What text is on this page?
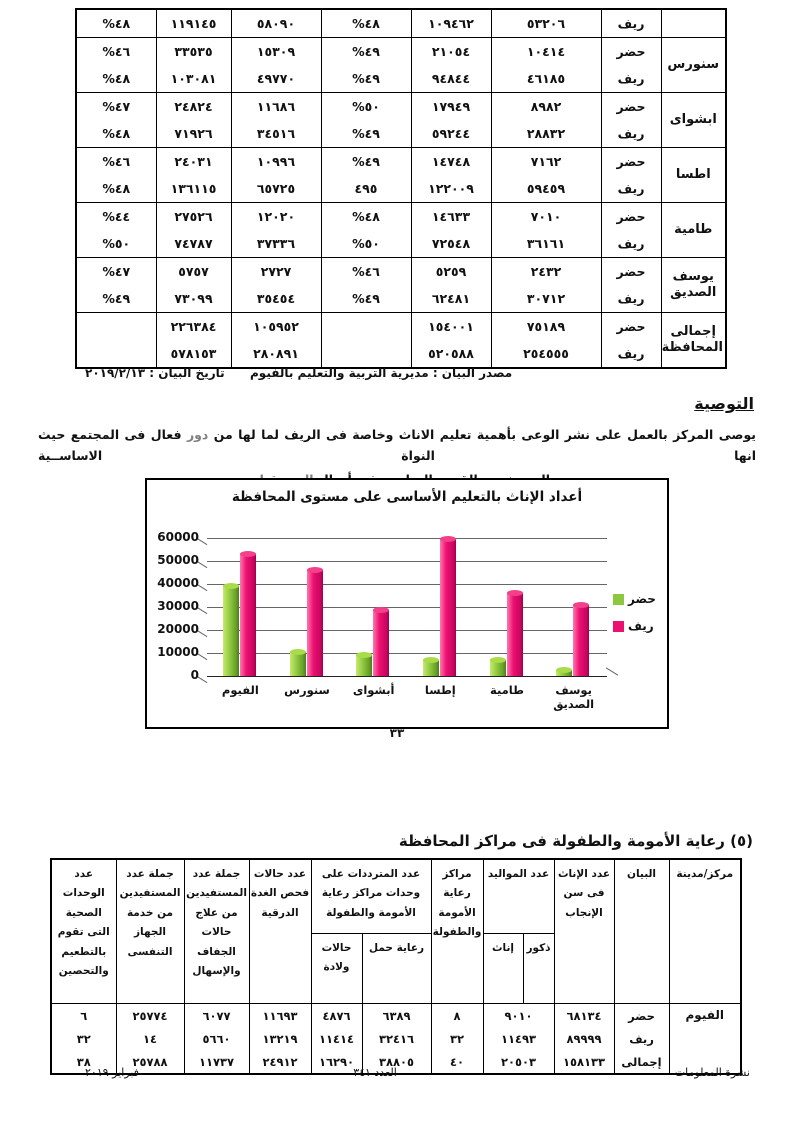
	ريف	٥٣٢٠٦	١٠٩٤٦٢	٤٨%	٥٨٠٩٠	١١٩١٤٥	٤٨%
سنورس	حضر	١٠٤١٤	٢١٠٥٤	٤٩%	١٥٣٠٩	٣٣٥٣٥	٤٦%
	ريف	٤٦١٨٥	٩٤٨٤٤	٤٩%	٤٩٧٧٠	١٠٣٠٨١	٤٨%
ابشواى	حضر	٨٩٨٢	١٧٩٤٩	٥٠%	١١٦٨٦	٢٤٨٢٤	٤٧%
	ريف	٢٨٨٣٢	٥٩٢٤٤	٤٩%	٣٤٥١٦	٧١٩٢٦	٤٨%
اطسا	حضر	٧١٦٢	١٤٧٤٨	٤٩%	١٠٩٩٦	٢٤٠٣١	٤٦%
	ريف	٥٩٤٥٩	١٢٢٠٠٩	٤٩٥	٦٥٧٢٥	١٣٦١١٥	٤٨%
طامية	حضر	٧٠١٠	١٤٦٣٣	٤٨%	١٢٠٢٠	٢٧٥٢٦	٤٤%
	ريف	٣٦١٦١	٧٢٥٤٨	٥٠%	٣٧٣٣٦	٧٤٧٨٧	٥٠%
يوسف الصديق	حضر	٢٤٣٢	٥٢٥٩	٤٦%	٢٧٢٧	٥٧٥٧	٤٧%
	ريف	٣٠٧١٢	٦٢٤٨١	٤٩%	٣٥٤٥٤	٧٣٠٩٩	٤٩%
إجمالى المحافظة	حضر	٧٥١٨٩	١٥٤٠٠١		١٠٥٩٥٢	٢٢٦٣٨٤	
	ريف	٢٥٤٥٥٥	٥٢٠٥٨٨		٢٨٠٨٩١	٥٧٨١٥٣	
مصدر البيان : مديرية التربية والتعليم بالفيوم
تاريخ البيان : ٢٠١٩/٢/١٣
التوصية
يوصى المركز بالعمل على نشر الوعى بأهمية تعليم الاناث وخاصة فى الريف لما لها من دور فعال فى المجتمع حيث انها النواة الاساســية
أعداد الإناث بالتعليم الأساسى على مستوى المحافظة
0
10000
20000
30000
40000
50000
60000
الفيوم	سنورس	أبشواى	إطسا	طامية	يوسف الصديق
حضر
ريف
٣٣
(٥) رعاية الأمومة والطفولة فى مراكز المحافظة
مركز/مدينة	البيان	عدد الإناث فى سن الإنجاب	عدد المواليد		مراكز رعاية الأمومة والطفولة	عدد المترددات على وحدات مراكز رعاية الأمومة والطفولة		عدد حالات فحص الغدة الدرقية	جملة عدد المستفيدين من علاج حالات الجفاف والإسهال	جملة عدد المستفيدين من خدمة الجهاز التنفسى	عدد الوحدات الصحية التى تقوم بالتطعيم والتحصين
			ذكور	إناث		رعاية حمل	حالات ولادة				
الفيوم	حضر	٦٨١٣٤	٩٠١٠		٨	٦٣٨٩	٤٨٧٦	١١٦٩٣	٦٠٧٧	٢٥٧٧٤	٦
	ريف	٨٩٩٩٩	١١٤٩٣		٣٢	٣٢٤١٦	١١٤١٤	١٣٢١٩	٥٦٦٠	١٤	٣٢
	إجمالى	١٥٨١٣٣	٢٠٥٠٣		٤٠	٣٨٨٠٥	١٦٢٩٠	٢٤٩١٢	١١٧٣٧	٢٥٧٨٨	٣٨
نشرة المعلومات
العدد ٣٤١
فبراير ٢٠١٩
